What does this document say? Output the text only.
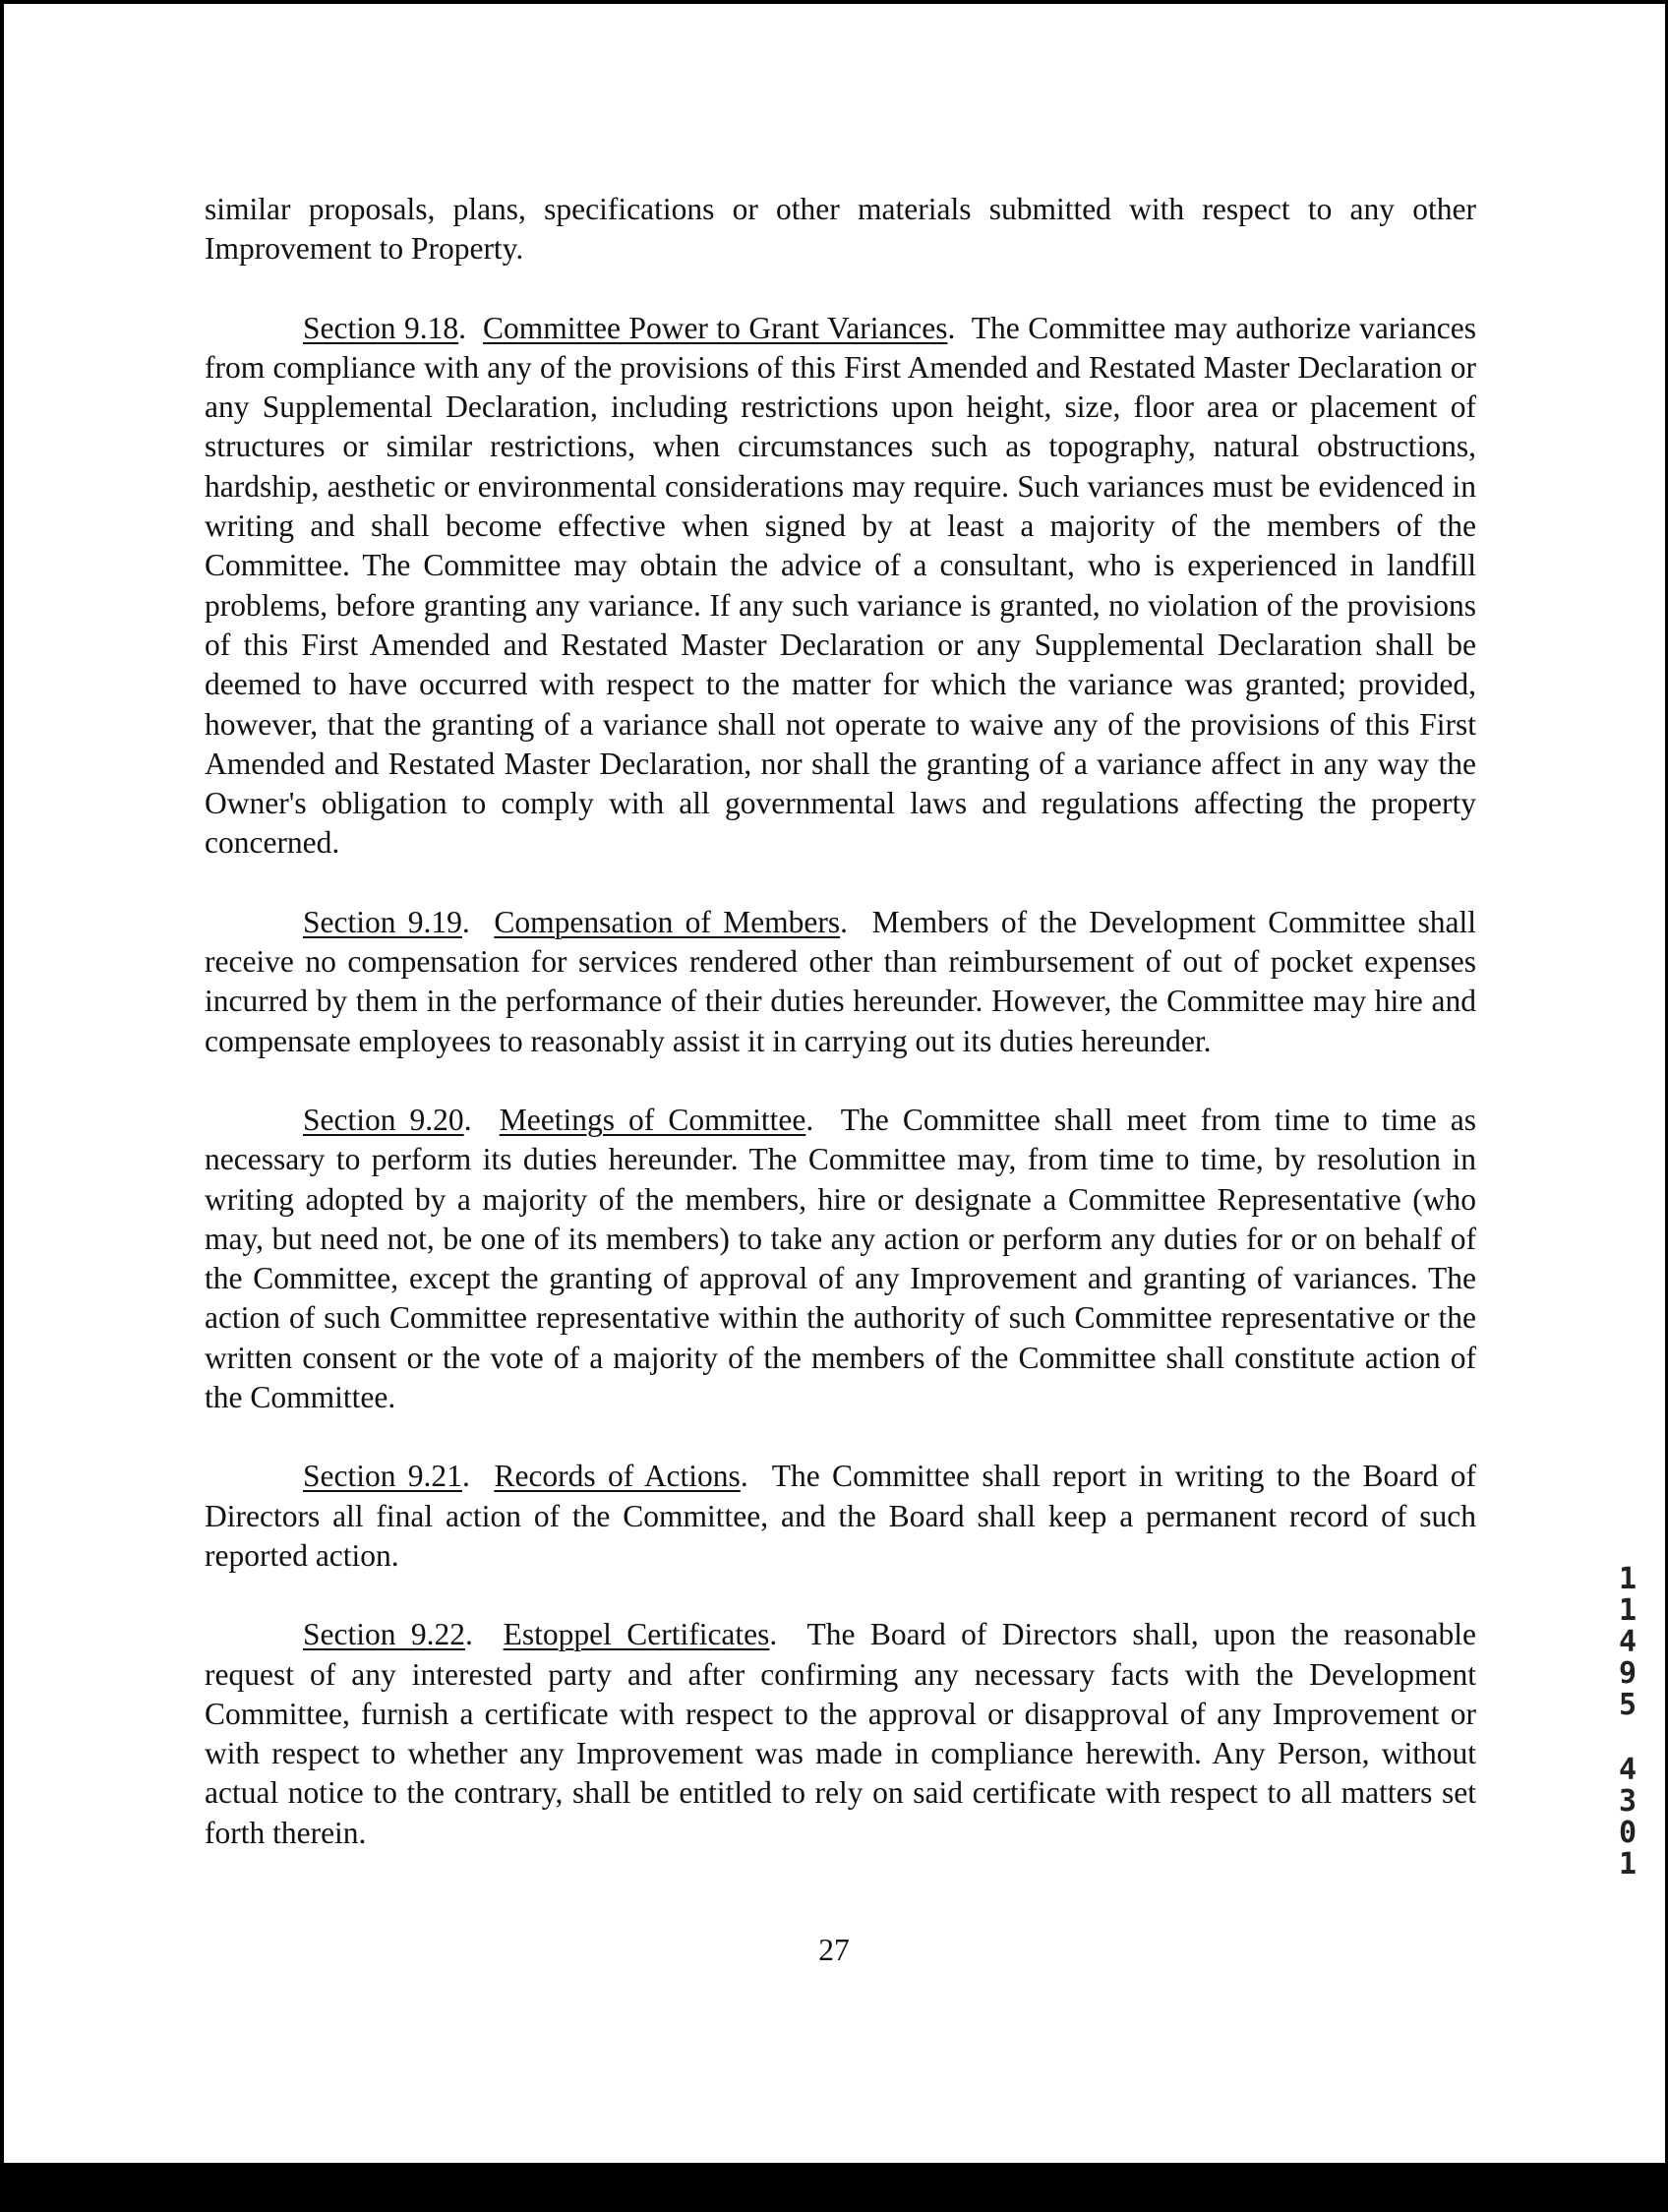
similar proposals, plans, specifications or other materials submitted with respect to any other Improvement to Property.

Section 9.18.  Committee Power to Grant Variances.  The Committee may authorize variances from compliance with any of the provisions of this First Amended and Restated Master Declaration or any Supplemental Declaration, including restrictions upon height, size, floor area or placement of structures or similar restrictions, when circumstances such as topography, natural obstructions, hardship, aesthetic or environmental considerations may require. Such variances must be evidenced in writing and shall become effective when signed by at least a majority of the members of the Committee. The Committee may obtain the advice of a consultant, who is experienced in landfill problems, before granting any variance. If any such variance is granted, no violation of the provisions of this First Amended and Restated Master Declaration or any Supplemental Declaration shall be deemed to have occurred with respect to the matter for which the variance was granted; provided, however, that the granting of a variance shall not operate to waive any of the provisions of this First Amended and Restated Master Declaration, nor shall the granting of a variance affect in any way the Owner's obligation to comply with all governmental laws and regulations affecting the property concerned.

Section 9.19.  Compensation of Members.  Members of the Development Committee shall receive no compensation for services rendered other than reimbursement of out of pocket expenses incurred by them in the performance of their duties hereunder. However, the Committee may hire and compensate employees to reasonably assist it in carrying out its duties hereunder.

Section 9.20.  Meetings of Committee.  The Committee shall meet from time to time as necessary to perform its duties hereunder. The Committee may, from time to time, by resolution in writing adopted by a majority of the members, hire or designate a Committee Representative (who may, but need not, be one of its members) to take any action or perform any duties for or on behalf of the Committee, except the granting of approval of any Improvement and granting of variances. The action of such Committee representative within the authority of such Committee representative or the written consent or the vote of a majority of the members of the Committee shall constitute action of the Committee.

Section 9.21.  Records of Actions.  The Committee shall report in writing to the Board of Directors all final action of the Committee, and the Board shall keep a permanent record of such reported action.

Section 9.22.  Estoppel Certificates.  The Board of Directors shall, upon the reasonable request of any interested party and after confirming any necessary facts with the Development Committee, furnish a certificate with respect to the approval or disapproval of any Improvement or with respect to whether any Improvement was made in compliance herewith. Any Person, without actual notice to the contrary, shall be entitled to rely on said certificate with respect to all matters set forth therein.

1
1
4
9
5
4
3
0
1
27
